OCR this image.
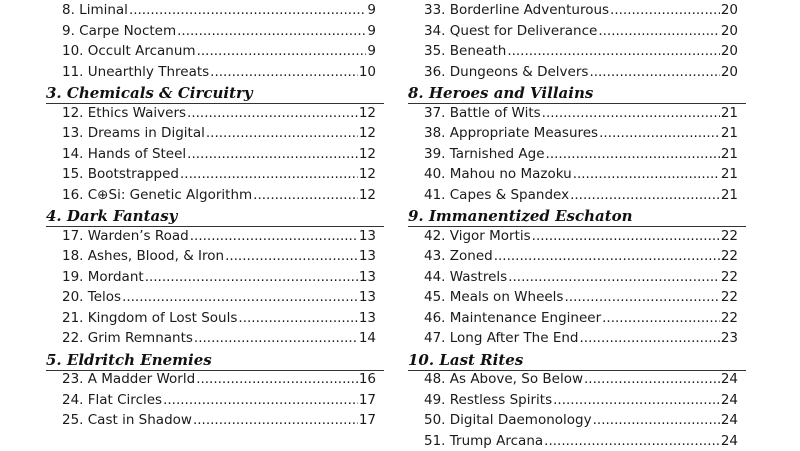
8. Liminal .....	9
9. Carpe Noctem .....	9
10. Occult Arcanum .....	9
11. Unearthly Threats .....	10
3. Chemicals & Circuitry
12. Ethics Waivers .....	12
13. Dreams in Digital .....	12
14. Hands of Steel .....	12
15. Bootstrapped .....	12
16. C⊕Si: Genetic Algorithm .....	12
4. Dark Fantasy
17. Warden’s Road .....	13
18. Ashes, Blood, & Iron .....	13
19. Mordant .....	13
20. Telos .....	13
21. Kingdom of Lost Souls .....	13
22. Grim Remnants .....	14
5. Eldritch Enemies
23. A Madder World .....	16
24. Flat Circles .....	17
25. Cast in Shadow .....	17
33. Borderline Adventurous .....	20
34. Quest for Deliverance .....	20
35. Beneath .....	20
36. Dungeons & Delvers .....	20
8. Heroes and Villains
37. Battle of Wits .....	21
38. Appropriate Measures .....	21
39. Tarnished Age .....	21
40. Mahou no Mazoku .....	21
41. Capes & Spandex .....	21
9. Immanentized Eschaton
42. Vigor Mortis .....	22
43. Zoned .....	22
44. Wastrels .....	22
45. Meals on Wheels .....	22
46. Maintenance Engineer .....	22
47. Long After The End .....	23
10. Last Rites
48. As Above, So Below .....	24
49. Restless Spirits .....	24
50. Digital Daemonology .....	24
51. Trump Arcana .....	24
